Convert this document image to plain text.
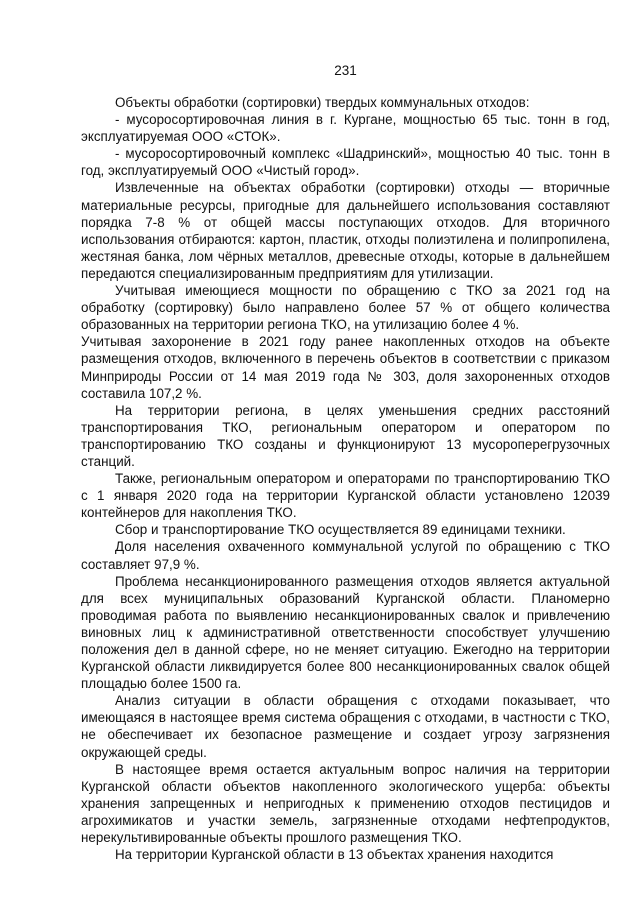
231

Объекты обработки (сортировки) твердых коммунальных отходов:

- мусоросортировочная линия в г. Кургане, мощностью 65 тыс. тонн в год, эксплуатируемая ООО «СТОК».

- мусоросортировочный комплекс «Шадринский», мощностью 40 тыс. тонн в год, эксплуатируемый ООО «Чистый город».

Извлеченные на объектах обработки (сортировки) отходы — вторичные материальные ресурсы, пригодные для дальнейшего использования составляют порядка 7-8 % от общей массы поступающих отходов. Для вторичного использования отбираются: картон, пластик, отходы полиэтилена и полипропилена, жестяная банка, лом чёрных металлов, древесные отходы, которые в дальнейшем передаются специализированным предприятиям для утилизации.

Учитывая имеющиеся мощности по обращению с ТКО за 2021 год на обработку (сортировку) было направлено более 57 % от общего количества образованных на территории региона ТКО, на утилизацию более 4 %.

Учитывая захоронение в 2021 году ранее накопленных отходов на объекте размещения отходов, включенного в перечень объектов в соответствии с приказом Минприроды России от 14 мая 2019 года № 303, доля захороненных отходов составила 107,2 %.

На территории региона, в целях уменьшения средних расстояний транспортирования ТКО, региональным оператором и оператором по транспортированию ТКО созданы и функционируют 13 мусороперегрузочных станций.

Также, региональным оператором и операторами по транспортированию ТКО с 1 января 2020 года на территории Курганской области установлено 12039 контейнеров для накопления ТКО.

Сбор и транспортирование ТКО осуществляется 89 единицами техники.

Доля населения охваченного коммунальной услугой по обращению с ТКО составляет 97,9 %.

Проблема несанкционированного размещения отходов является актуальной для всех муниципальных образований Курганской области. Планомерно проводимая работа по выявлению несанкционированных свалок и привлечению виновных лиц к административной ответственности способствует улучшению положения дел в данной сфере, но не меняет ситуацию. Ежегодно на территории Курганской области ликвидируется более 800 несанкционированных свалок общей площадью более 1500 га.

Анализ ситуации в области обращения с отходами показывает, что имеющаяся в настоящее время система обращения с отходами, в частности с ТКО, не обеспечивает их безопасное размещение и создает угрозу загрязнения окружающей среды.

В настоящее время остается актуальным вопрос наличия на территории Курганской области объектов накопленного экологического ущерба: объекты хранения запрещенных и непригодных к применению отходов пестицидов и агрохимикатов и участки земель, загрязненные отходами нефтепродуктов, нерекультивированные объекты прошлого размещения ТКО.

На территории Курганской области в 13 объектах хранения находится
